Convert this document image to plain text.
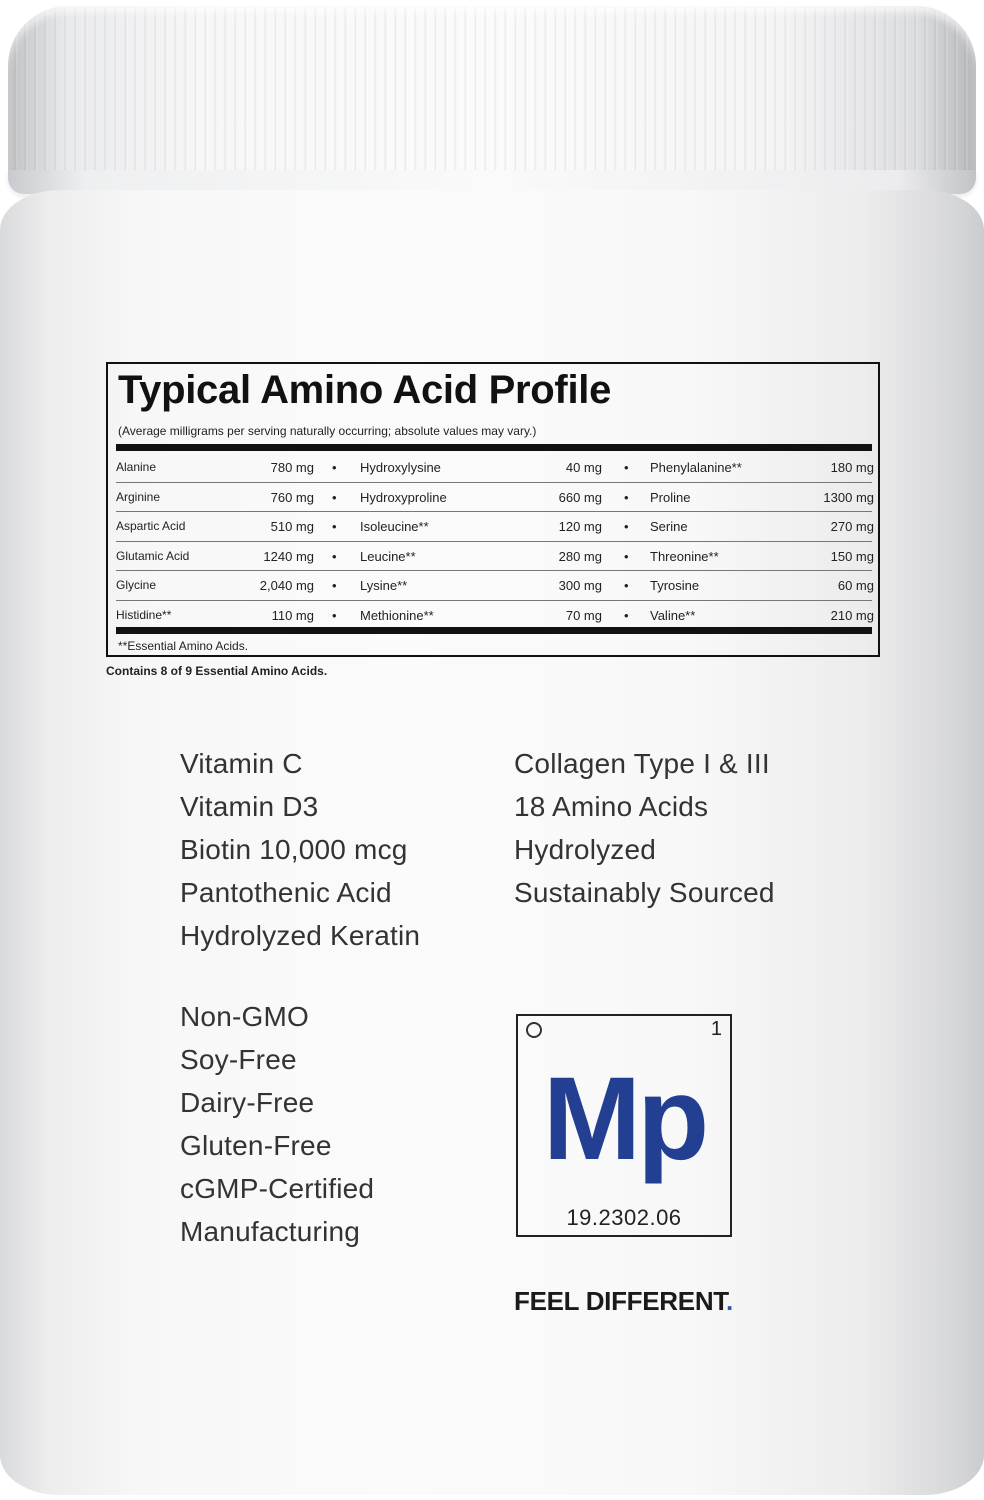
Typical Amino Acid Profile
(Average milligrams per serving naturally occurring; absolute values may vary.)
Alanine	780 mg • Hydroxylysine	40 mg • Phenylalanine**	180 mg
Arginine	760 mg • Hydroxyproline	660 mg • Proline	1300 mg
Aspartic Acid	510 mg • Isoleucine**	120 mg • Serine	270 mg
Glutamic Acid	1240 mg • Leucine**	280 mg • Threonine**	150 mg
Glycine	2,040 mg • Lysine**	300 mg • Tyrosine	60 mg
Histidine**	110 mg • Methionine**	70 mg • Valine**	210 mg
**Essential Amino Acids.
Contains 8 of 9 Essential Amino Acids.
Vitamin C
Vitamin D3
Biotin 10,000 mcg
Pantothenic Acid
Hydrolyzed Keratin
Collagen Type I & III
18 Amino Acids
Hydrolyzed
Sustainably Sourced
Non-GMO
Soy-Free
Dairy-Free
Gluten-Free
cGMP-Certified
Manufacturing
1
Mp
19.2302.06
FEEL DIFFERENT.
